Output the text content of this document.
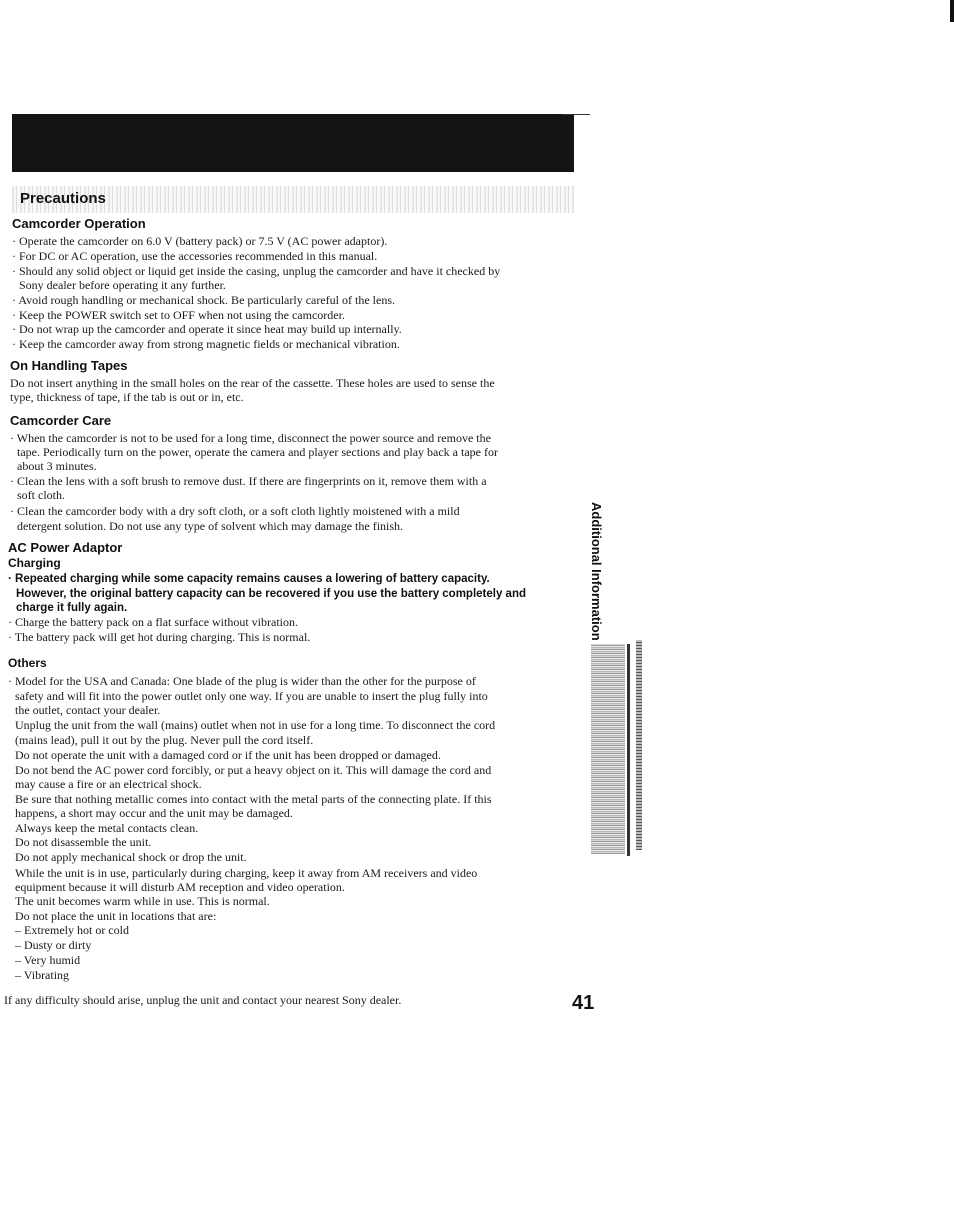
Precautions
Camcorder Operation
· Operate the camcorder on 6.0 V (battery pack) or 7.5 V (AC power adaptor).
· For DC or AC operation, use the accessories recommended in this manual.
· Should any solid object or liquid get inside the casing, unplug the camcorder and have it checked by
Sony dealer before operating it any further.
· Avoid rough handling or mechanical shock. Be particularly careful of the lens.
· Keep the POWER switch set to OFF when not using the camcorder.
· Do not wrap up the camcorder and operate it since heat may build up internally.
· Keep the camcorder away from strong magnetic fields or mechanical vibration.
On Handling Tapes
Do not insert anything in the small holes on the rear of the cassette. These holes are used to sense the
type, thickness of tape, if the tab is out or in, etc.
Camcorder Care
· When the camcorder is not to be used for a long time, disconnect the power source and remove the
tape. Periodically turn on the power, operate the camera and player sections and play back a tape for
about 3 minutes.
· Clean the lens with a soft brush to remove dust. If there are fingerprints on it, remove them with a
soft cloth.
· Clean the camcorder body with a dry soft cloth, or a soft cloth lightly moistened with a mild
detergent solution. Do not use any type of solvent which may damage the finish.
AC Power Adaptor
Charging
· Repeated charging while some capacity remains causes a lowering of battery capacity.
However, the original battery capacity can be recovered if you use the battery completely and
charge it fully again.
· Charge the battery pack on a flat surface without vibration.
· The battery pack will get hot during charging. This is normal.
Others
· Model for the USA and Canada: One blade of the plug is wider than the other for the purpose of
safety and will fit into the power outlet only one way. If you are unable to insert the plug fully into
the outlet, contact your dealer.
Unplug the unit from the wall (mains) outlet when not in use for a long time. To disconnect the cord
(mains lead), pull it out by the plug. Never pull the cord itself.
Do not operate the unit with a damaged cord or if the unit has been dropped or damaged.
Do not bend the AC power cord forcibly, or put a heavy object on it. This will damage the cord and
may cause a fire or an electrical shock.
Be sure that nothing metallic comes into contact with the metal parts of the connecting plate. If this
happens, a short may occur and the unit may be damaged.
Always keep the metal contacts clean.
Do not disassemble the unit.
Do not apply mechanical shock or drop the unit.
While the unit is in use, particularly during charging, keep it away from AM receivers and video
equipment because it will disturb AM reception and video operation.
The unit becomes warm while in use. This is normal.
Do not place the unit in locations that are:
– Extremely hot or cold
– Dusty or dirty
– Very humid
– Vibrating
If any difficulty should arise, unplug the unit and contact your nearest Sony dealer.	41
Additional Information
